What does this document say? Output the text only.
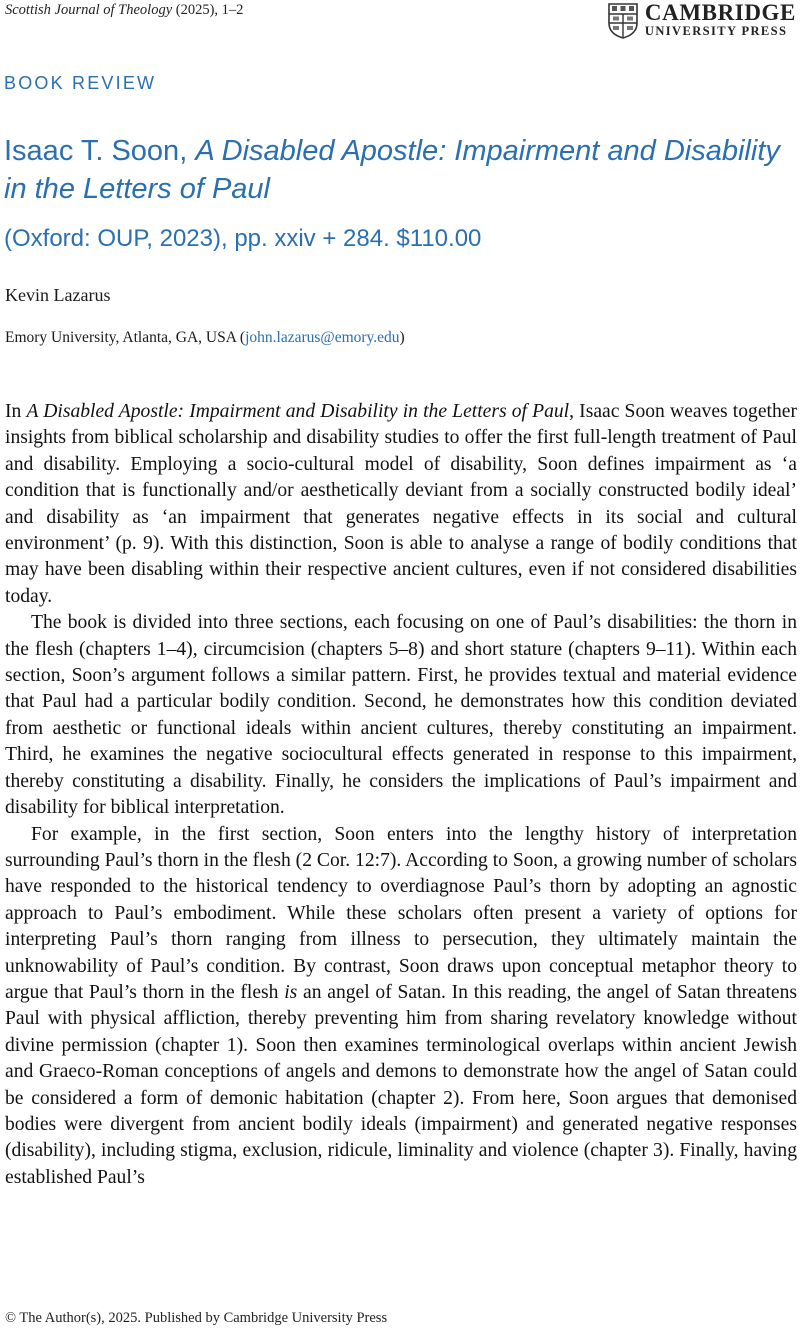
Scottish Journal of Theology (2025), 1–2	CAMBRIDGE
UNIVERSITY PRESS
BOOK REVIEW
Isaac T. Soon, A Disabled Apostle: Impairment and Disability in the Letters of Paul
(Oxford: OUP, 2023), pp. xxiv + 284. $110.00
Kevin Lazarus
Emory University, Atlanta, GA, USA (john.lazarus@emory.edu)

In A Disabled Apostle: Impairment and Disability in the Letters of Paul, Isaac Soon weaves together insights from biblical scholarship and disability studies to offer the first full-length treatment of Paul and disability. Employing a socio-cultural model of disability, Soon defines impairment as ‘a condition that is functionally and/or aesthetically deviant from a socially constructed bodily ideal’ and disability as ‘an impairment that generates negative effects in its social and cultural environment’ (p. 9). With this distinction, Soon is able to analyse a range of bodily conditions that may have been disabling within their respective ancient cultures, even if not considered disabilities today.

The book is divided into three sections, each focusing on one of Paul’s disabilities: the thorn in the flesh (chapters 1–4), circumcision (chapters 5–8) and short stature (chapters 9–11). Within each section, Soon’s argument follows a similar pattern. First, he provides textual and material evidence that Paul had a particular bodily condition. Second, he demonstrates how this condition deviated from aesthetic or functional ideals within ancient cultures, thereby constituting an impairment. Third, he examines the negative sociocultural effects generated in response to this impairment, thereby constituting a disability. Finally, he considers the implications of Paul’s impairment and disability for biblical interpretation.

For example, in the first section, Soon enters into the lengthy history of interpretation surrounding Paul’s thorn in the flesh (2 Cor. 12:7). According to Soon, a growing number of scholars have responded to the historical tendency to overdiagnose Paul’s thorn by adopting an agnostic approach to Paul’s embodiment. While these scholars often present a variety of options for interpreting Paul’s thorn ranging from illness to persecution, they ultimately maintain the unknowability of Paul’s condition. By contrast, Soon draws upon conceptual metaphor theory to argue that Paul’s thorn in the flesh is an angel of Satan. In this reading, the angel of Satan threatens Paul with physical affliction, thereby preventing him from sharing revelatory knowledge without divine permission (chapter 1). Soon then examines terminological overlaps within ancient Jewish and Graeco-Roman conceptions of angels and demons to demonstrate how the angel of Satan could be considered a form of demonic habitation (chapter 2). From here, Soon argues that demonised bodies were divergent from ancient bodily ideals (impairment) and generated negative responses (disability), including stigma, exclusion, ridicule, liminality and violence (chapter 3). Finally, having established Paul’s

© The Author(s), 2025. Published by Cambridge University Press
